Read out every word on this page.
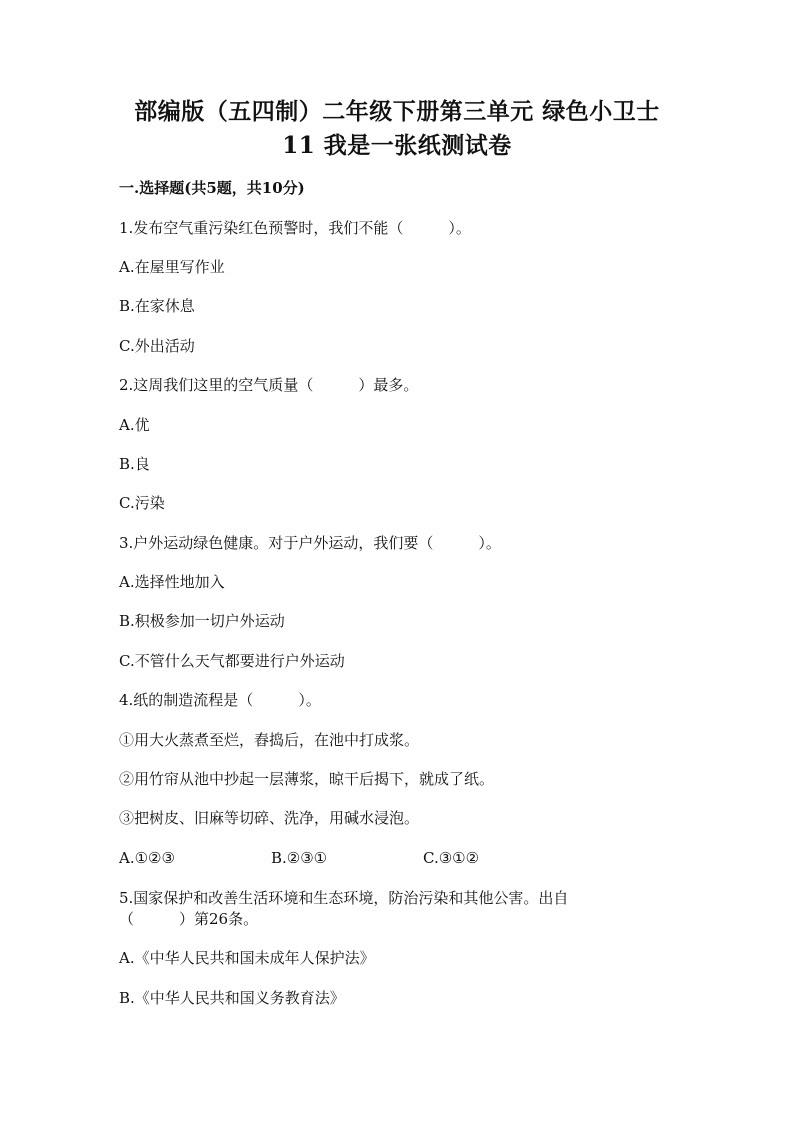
部编版（五四制）二年级下册第三单元 绿色小卫士
11 我是一张纸测试卷
一.选择题(共5题，共10分)
1.发布空气重污染红色预警时，我们不能（　　　）。
A.在屋里写作业
B.在家休息
C.外出活动
2.这周我们这里的空气质量（　　　）最多。
A.优
B.良
C.污染
3.户外运动绿色健康。对于户外运动，我们要（　　　）。
A.选择性地加入
B.积极参加一切户外运动
C.不管什么天气都要进行户外运动
4.纸的制造流程是（　　　）。
①用大火蒸煮至烂，舂捣后，在池中打成浆。
②用竹帘从池中抄起一层薄浆，晾干后揭下，就成了纸。
③把树皮、旧麻等切碎、洗净，用碱水浸泡。
A.①②③	B.②③①	C.③①②
5.国家保护和改善生活环境和生态环境，防治污染和其他公害。出自
（　　　）第26条。
A.《中华人民共和国未成年人保护法》
B.《中华人民共和国义务教育法》
